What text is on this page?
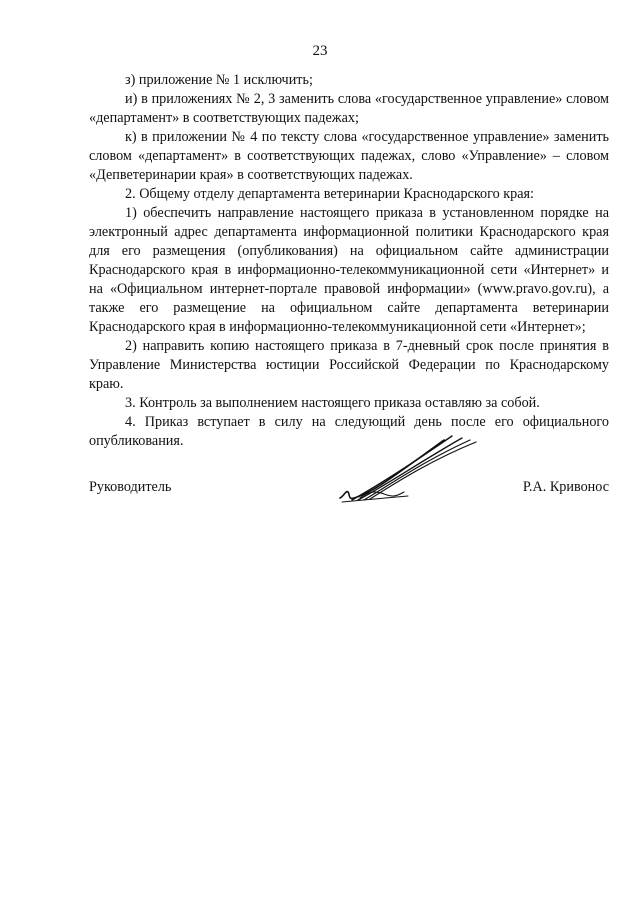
23

з) приложение № 1 исключить;

и) в приложениях № 2, 3 заменить слова «государственное управление» словом «департамент» в соответствующих падежах;

к) в приложении № 4 по тексту слова «государственное управление» заменить словом «департамент» в соответствующих падежах, слово «Управление» – словом «Депветеринарии края» в соответствующих падежах.

2. Общему отделу департамента ветеринарии Краснодарского края:

1) обеспечить направление настоящего приказа в установленном порядке на электронный адрес департамента информационной политики Краснодарского края для его размещения (опубликования) на официальном сайте администрации Краснодарского края в информационно-телекоммуникационной сети «Интернет» и на «Официальном интернет-портале правовой информации» (www.pravo.gov.ru), а также его размещение на официальном сайте департамента ветеринарии Краснодарского края в информационно-телекоммуникационной сети «Интернет»;

2) направить копию настоящего приказа в 7-дневный срок после принятия в Управление Министерства юстиции Российской Федерации по Краснодарскому краю.

3. Контроль за выполнением настоящего приказа оставляю за собой.

4. Приказ вступает в силу на следующий день после его официального опубликования.

Руководитель	Р.А. Кривонос
